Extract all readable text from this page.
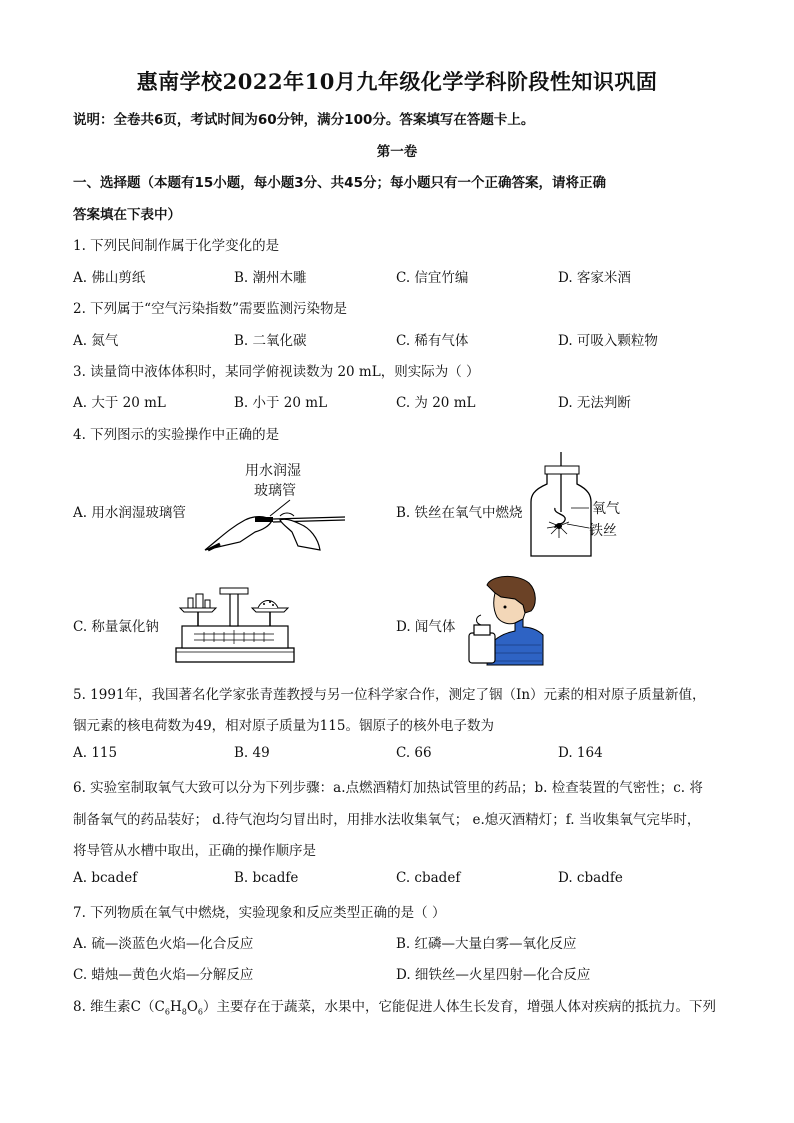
惠南学校2022年10月九年级化学学科阶段性知识巩固
说明：全卷共6页，考试时间为60分钟，满分100分。答案填写在答题卡上。
第一卷
一、选择题（本题有15小题，每小题3分、共45分；每小题只有一个正确答案，请将正确
答案填在下表中）
1. 下列民间制作属于化学变化的是
A. 佛山剪纸	B. 潮州木雕	C. 信宜竹编	D. 客家米酒
2. 下列属于“空气污染指数”需要监测污染物是
A. 氮气	B. 二氧化碳	C. 稀有气体	D. 可吸入颗粒物
3. 读量筒中液体体积时，某同学俯视读数为 20 mL，则实际为（ ）
A. 大于 20 mL	B. 小于 20 mL	C. 为 20 mL	D. 无法判断
4. 下列图示的实验操作中正确的是
A. 用水润湿玻璃管	B. 铁丝在氧气中燃烧
C. 称量氯化钠	D. 闻气体
用水润湿
玻璃管
氧气
铁丝
5. 1991年，我国著名化学家张青莲教授与另一位科学家合作，测定了铟（In）元素的相对原子质量新值，
铟元素的核电荷数为49，相对原子质量为115。铟原子的核外电子数为
A. 115	B. 49	C. 66	D. 164
6. 实验室制取氧气大致可以分为下列步骤：a.点燃酒精灯加热试管里的药品；b. 检查装置的气密性；c. 将
制备氧气的药品装好； d.待气泡均匀冒出时，用排水法收集氧气； e.熄灭酒精灯；f. 当收集氧气完毕时，
将导管从水槽中取出，正确的操作顺序是
A. bcadef	B. bcadfe	C. cbadef	D. cbadfe
7. 下列物质在氧气中燃烧，实验现象和反应类型正确的是（ ）
A. 硫—淡蓝色火焰—化合反应	B. 红磷—大量白雾—氧化反应
C. 蜡烛—黄色火焰—分解反应	D. 细铁丝—火星四射—化合反应
8. 维生素$C(C_6H_8O_6)$主要存在于蔬菜，水果中，它能促进人体生长发育，增强人体对疾病的抵抗力。下列
